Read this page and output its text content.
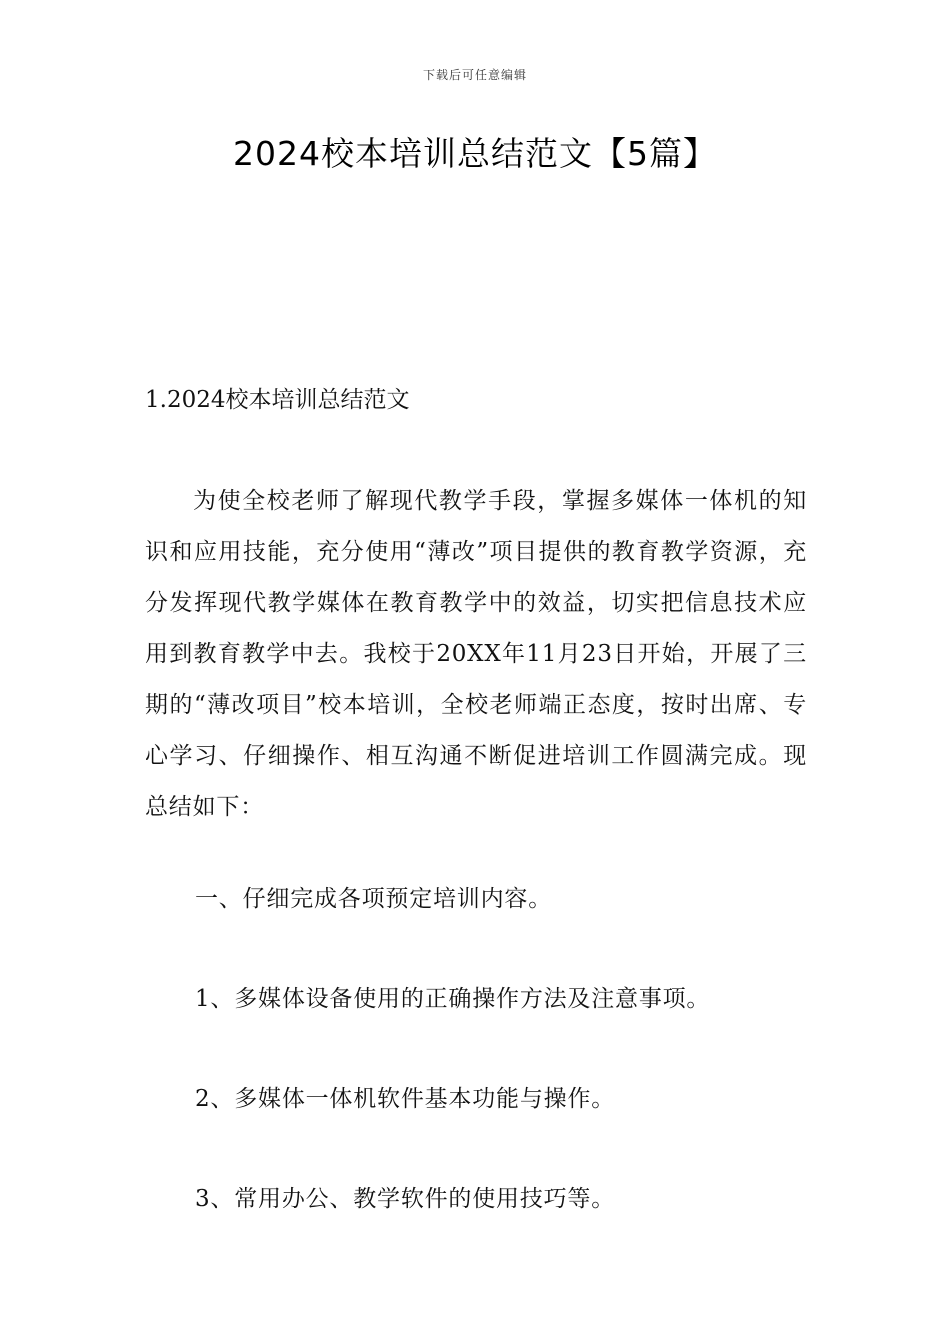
下载后可任意编辑
2024校本培训总结范文【5篇】
1.2024校本培训总结范文

为使全校老师了解现代教学手段，掌握多媒体一体机的知识和应用技能，充分使用“薄改”项目提供的教育教学资源，充分发挥现代教学媒体在教育教学中的效益，切实把信息技术应用到教育教学中去。我校于20XX年11月23日开始，开展了三期的“薄改项目”校本培训，全校老师端正态度，按时出席、专心学习、仔细操作、相互沟通不断促进培训工作圆满完成。现总结如下：

一、仔细完成各项预定培训内容。

1、多媒体设备使用的正确操作方法及注意事项。

2、多媒体一体机软件基本功能与操作。

3、常用办公、教学软件的使用技巧等。
